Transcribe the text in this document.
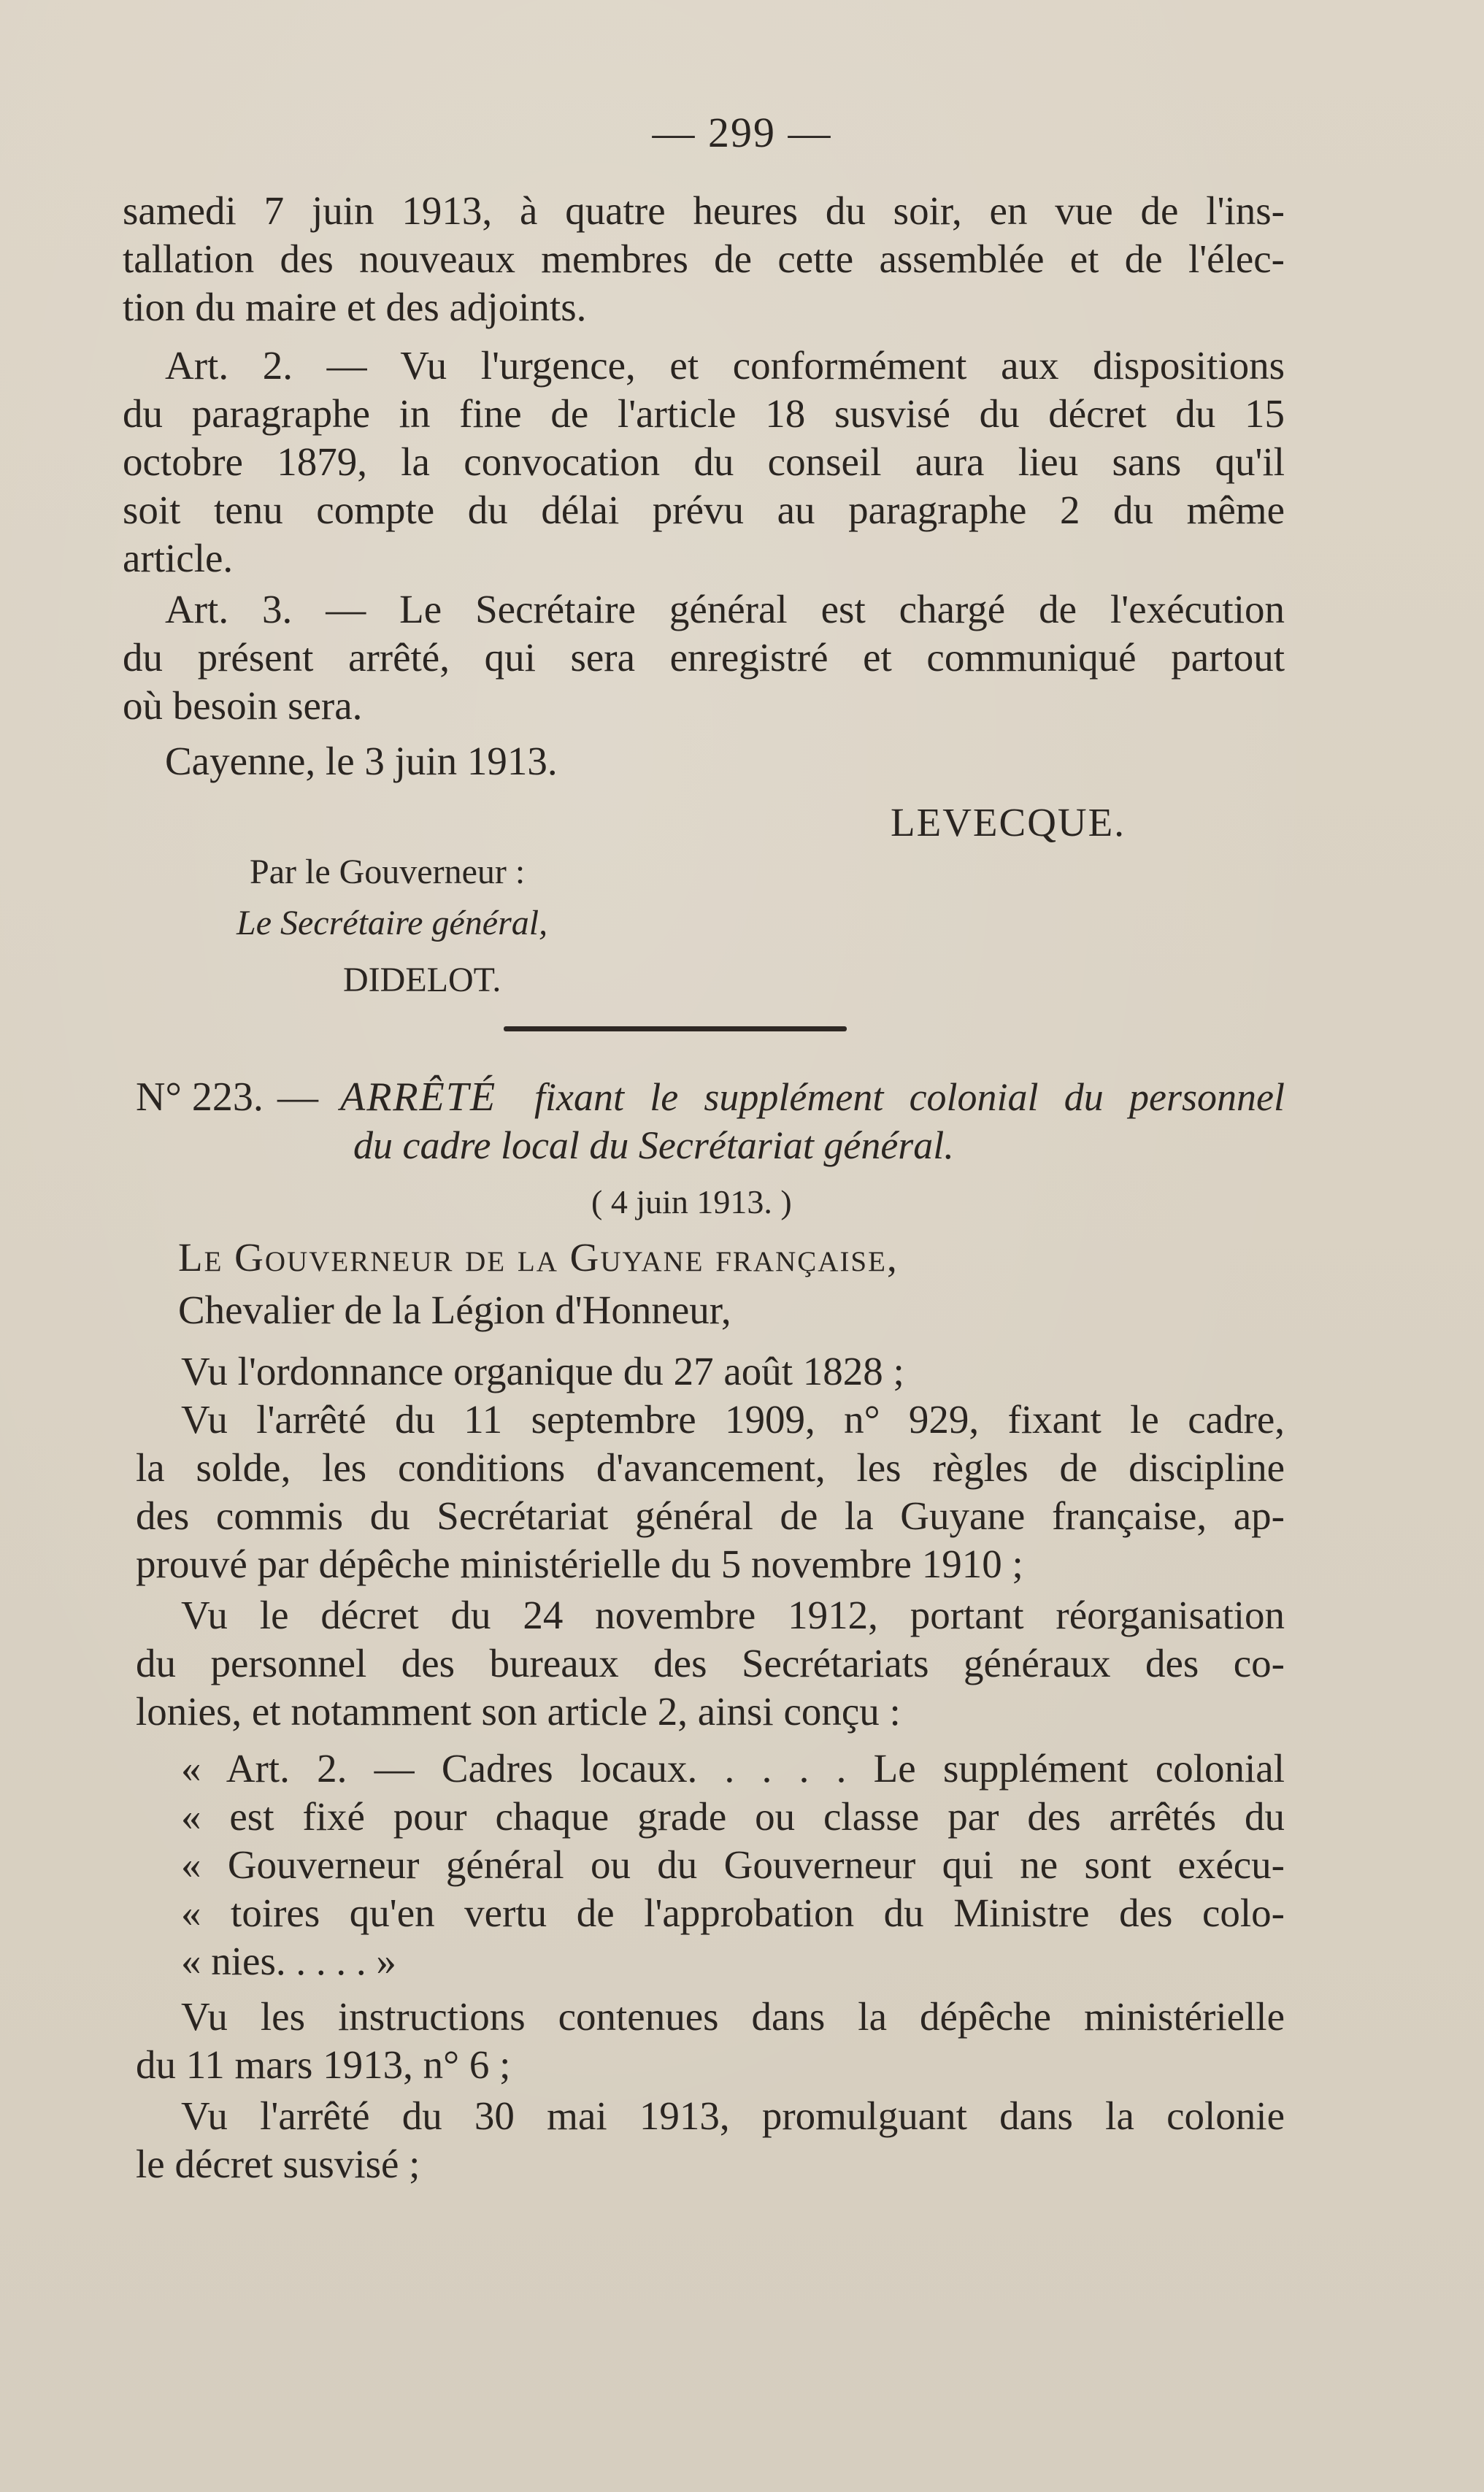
— 299 —
samedi 7 juin 1913, à quatre heures du soir, en vue de l'ins-
tallation des nouveaux membres de cette assemblée et de l'élec-
tion du maire et des adjoints.
Art. 2. — Vu l'urgence, et conformément aux dispositions
du paragraphe in fine de l'article 18 susvisé du décret du 15
octobre 1879, la convocation du conseil aura lieu sans qu'il
soit tenu compte du délai prévu au paragraphe 2 du même
article.
Art. 3. — Le Secrétaire général est chargé de l'exécution
du présent arrêté, qui sera enregistré et communiqué partout
où besoin sera.
Cayenne, le 3 juin 1913.
LEVECQUE.
Par le Gouverneur :
Le Secrétaire général,
DIDELOT.
N° 223. — ARRÊTÉ fixant le supplément colonial du personnel
du cadre local du Secrétariat général.
( 4 juin 1913. )
Le Gouverneur de la Guyane française,
Chevalier de la Légion d'Honneur,
Vu l'ordonnance organique du 27 août 1828 ;
Vu l'arrêté du 11 septembre 1909, n° 929, fixant le cadre,
la solde, les conditions d'avancement, les règles de discipline
des commis du Secrétariat général de la Guyane française, ap-
prouvé par dépêche ministérielle du 5 novembre 1910 ;
Vu le décret du 24 novembre 1912, portant réorganisation
du personnel des bureaux des Secrétariats généraux des co-
lonies, et notamment son article 2, ainsi conçu :
« Art. 2. — Cadres locaux. . . . . Le supplément colonial
« est fixé pour chaque grade ou classe par des arrêtés du
« Gouverneur général ou du Gouverneur qui ne sont exécu-
« toires qu'en vertu de l'approbation du Ministre des colo-
« nies. . . . . »
Vu les instructions contenues dans la dépêche ministérielle
du 11 mars 1913, n° 6 ;
Vu l'arrêté du 30 mai 1913, promulguant dans la colonie
le décret susvisé ;
